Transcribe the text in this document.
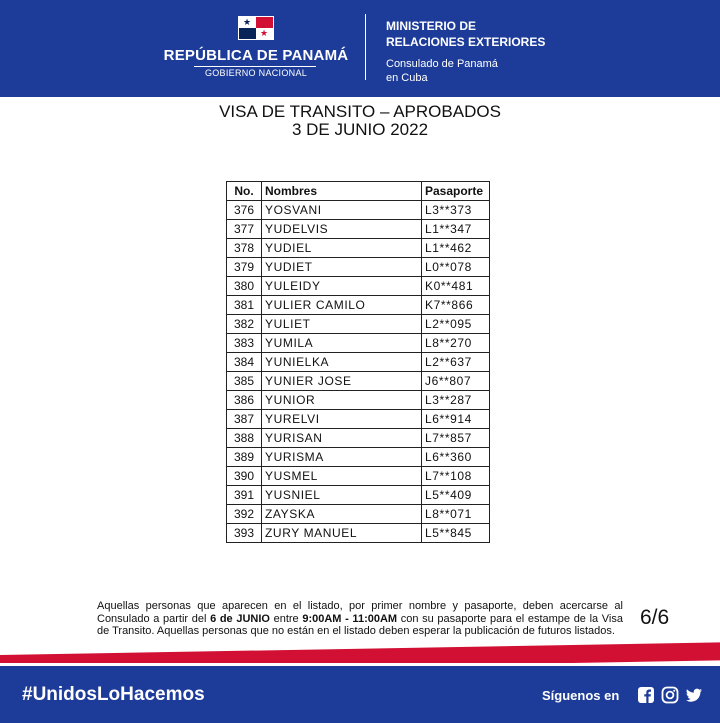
★
★
REPÚBLICA DE PANAMÁ
GOBIERNO NACIONAL
MINISTERIO DE
RELACIONES EXTERIORES
Consulado de Panamá
en Cuba
VISA DE TRANSITO – APROBADOS
3 DE JUNIO 2022
No.	Nombres	Pasaporte
376	YOSVANI	L3**373
377	YUDELVIS	L1**347
378	YUDIEL	L1**462
379	YUDIET	L0**078
380	YULEIDY	K0**481
381	YULIER CAMILO	K7**866
382	YULIET	L2**095
383	YUMILA	L8**270
384	YUNIELKA	L2**637
385	YUNIER JOSE	J6**807
386	YUNIOR	L3**287
387	YURELVI	L6**914
388	YURISAN	L7**857
389	YURISMA	L6**360
390	YUSMEL	L7**108
391	YUSNIEL	L5**409
392	ZAYSKA	L8**071
393	ZURY MANUEL	L5**845
Aquellas personas que aparecen en el listado, por primer nombre y pasaporte, deben acercarse al Consulado a partir del 6 de JUNIO entre 9:00AM - 11:00AM con su pasaporte para el estampe de la Visa de Transito. Aquellas personas que no están en el listado deben esperar la publicación de futuros listados.
6/6
#UnidosLoHacemos	Síguenos en
